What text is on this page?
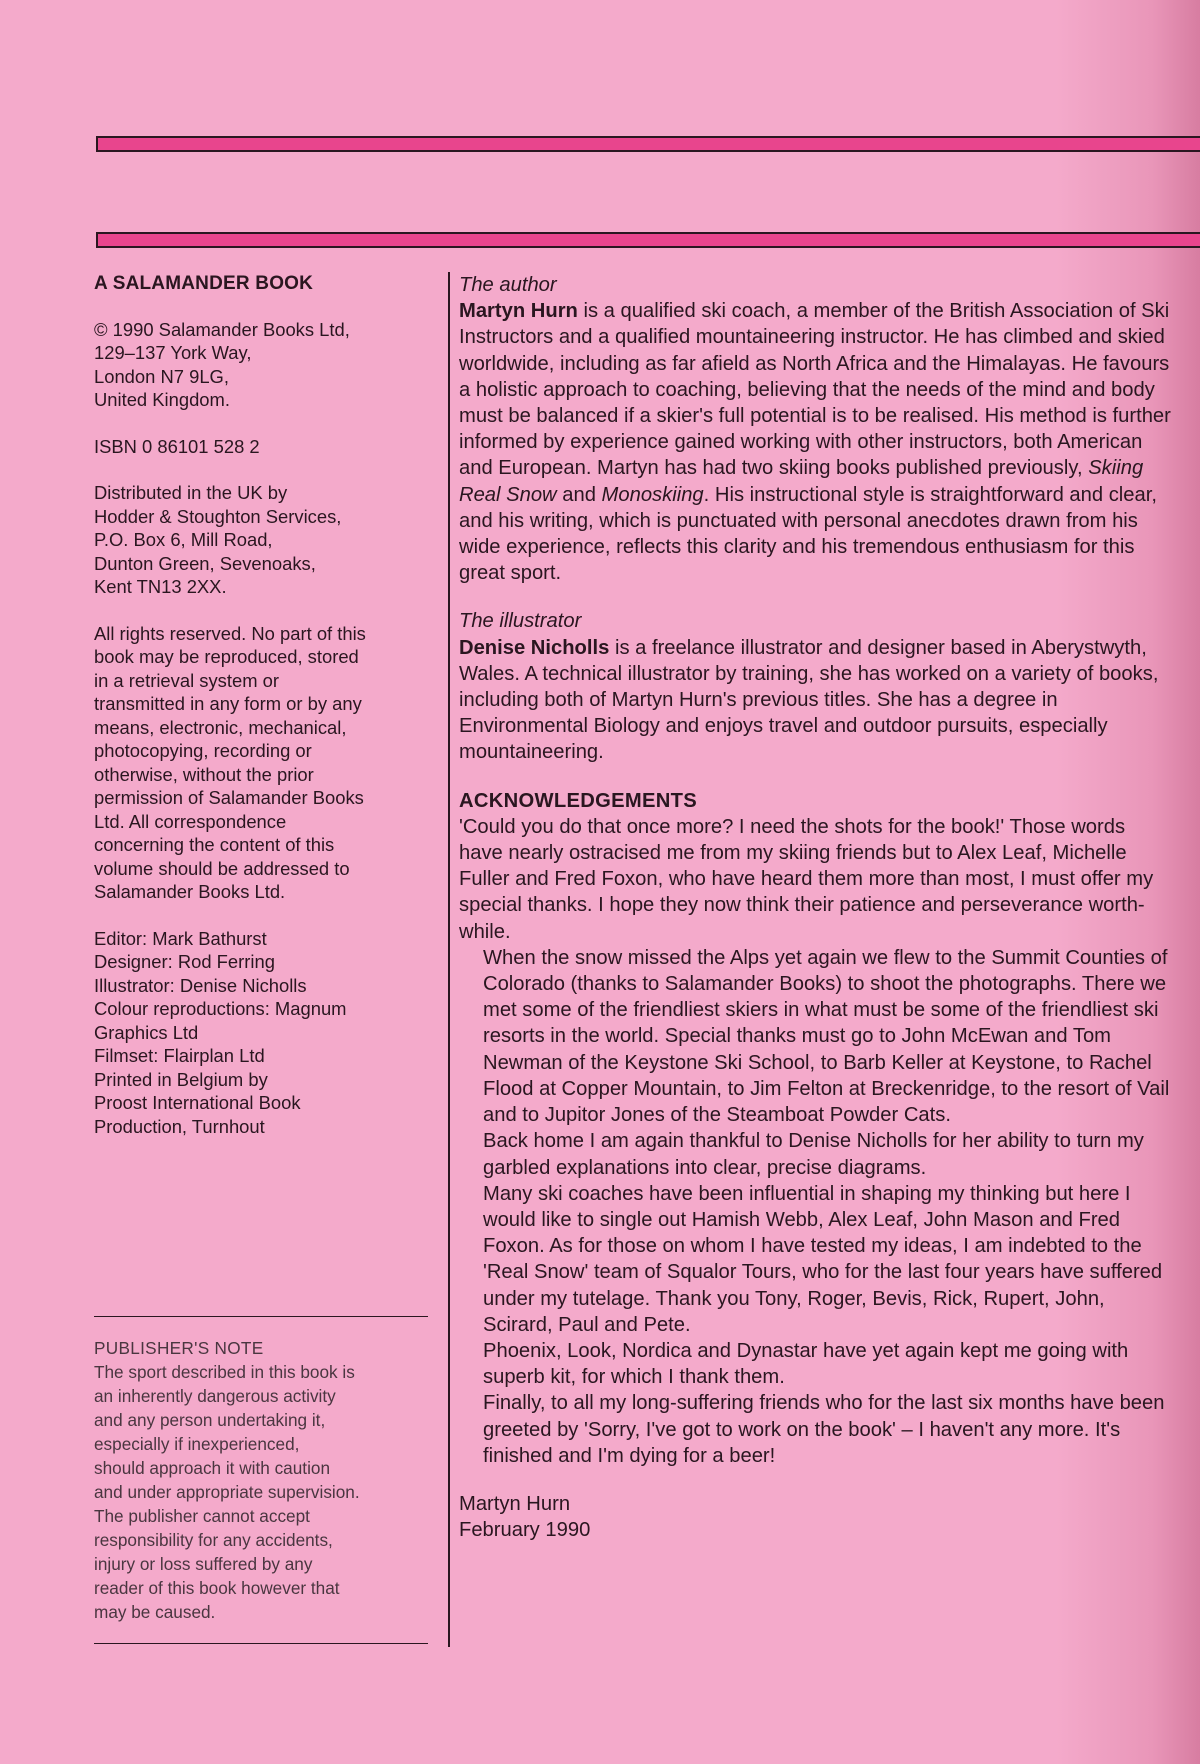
A SALAMANDER BOOK

© 1990 Salamander Books Ltd,
129–137 York Way,
London N7 9LG,
United Kingdom.

ISBN 0 86101 528 2

Distributed in the UK by
Hodder & Stoughton Services,
P.O. Box 6, Mill Road,
Dunton Green, Sevenoaks,
Kent TN13 2XX.

All rights reserved. No part of this
book may be reproduced, stored
in a retrieval system or
transmitted in any form or by any
means, electronic, mechanical,
photocopying, recording or
otherwise, without the prior
permission of Salamander Books
Ltd. All correspondence
concerning the content of this
volume should be addressed to
Salamander Books Ltd.

Editor: Mark Bathurst
Designer: Rod Ferring
Illustrator: Denise Nicholls
Colour reproductions: Magnum
Graphics Ltd
Filmset: Flairplan Ltd
Printed in Belgium by
Proost International Book
Production, Turnhout

PUBLISHER'S NOTE
The sport described in this book is
an inherently dangerous activity
and any person undertaking it,
especially if inexperienced,
should approach it with caution
and under appropriate supervision.
The publisher cannot accept
responsibility for any accidents,
injury or loss suffered by any
reader of this book however that
may be caused.
The author
Martyn Hurn is a qualified ski coach, a member of the British Association of Ski Instructors and a qualified mountaineering instructor. He has climbed and skied worldwide, including as far afield as North Africa and the Himalayas. He favours a holistic approach to coaching, believing that the needs of the mind and body must be balanced if a skier's full potential is to be realised. His method is further informed by experience gained working with other instructors, both American and European. Martyn has had two skiing books published previously, Skiing Real Snow and Monoskiing. His instructional style is straightforward and clear, and his writing, which is punctuated with personal anecdotes drawn from his wide experience, reflects this clarity and his tremendous enthusiasm for this great sport.
The illustrator
Denise Nicholls is a freelance illustrator and designer based in Aberystwyth, Wales. A technical illustrator by training, she has worked on a variety of books, including both of Martyn Hurn's previous titles. She has a degree in Environmental Biology and enjoys travel and outdoor pursuits, especially mountaineering.
ACKNOWLEDGEMENTS
'Could you do that once more? I need the shots for the book!' Those words have nearly ostracised me from my skiing friends but to Alex Leaf, Michelle Fuller and Fred Foxon, who have heard them more than most, I must offer my special thanks. I hope they now think their patience and perseverance worth-while.
When the snow missed the Alps yet again we flew to the Summit Counties of Colorado (thanks to Salamander Books) to shoot the photographs. There we met some of the friendliest skiers in what must be some of the friendliest ski resorts in the world. Special thanks must go to John McEwan and Tom Newman of the Keystone Ski School, to Barb Keller at Keystone, to Rachel Flood at Copper Mountain, to Jim Felton at Breckenridge, to the resort of Vail and to Jupitor Jones of the Steamboat Powder Cats.
Back home I am again thankful to Denise Nicholls for her ability to turn my garbled explanations into clear, precise diagrams.
Many ski coaches have been influential in shaping my thinking but here I would like to single out Hamish Webb, Alex Leaf, John Mason and Fred Foxon. As for those on whom I have tested my ideas, I am indebted to the 'Real Snow' team of Squalor Tours, who for the last four years have suffered under my tutelage. Thank you Tony, Roger, Bevis, Rick, Rupert, John, Scirard, Paul and Pete.
Phoenix, Look, Nordica and Dynastar have yet again kept me going with superb kit, for which I thank them.
Finally, to all my long-suffering friends who for the last six months have been greeted by 'Sorry, I've got to work on the book' – I haven't any more. It's finished and I'm dying for a beer!
Martyn Hurn
February 1990
